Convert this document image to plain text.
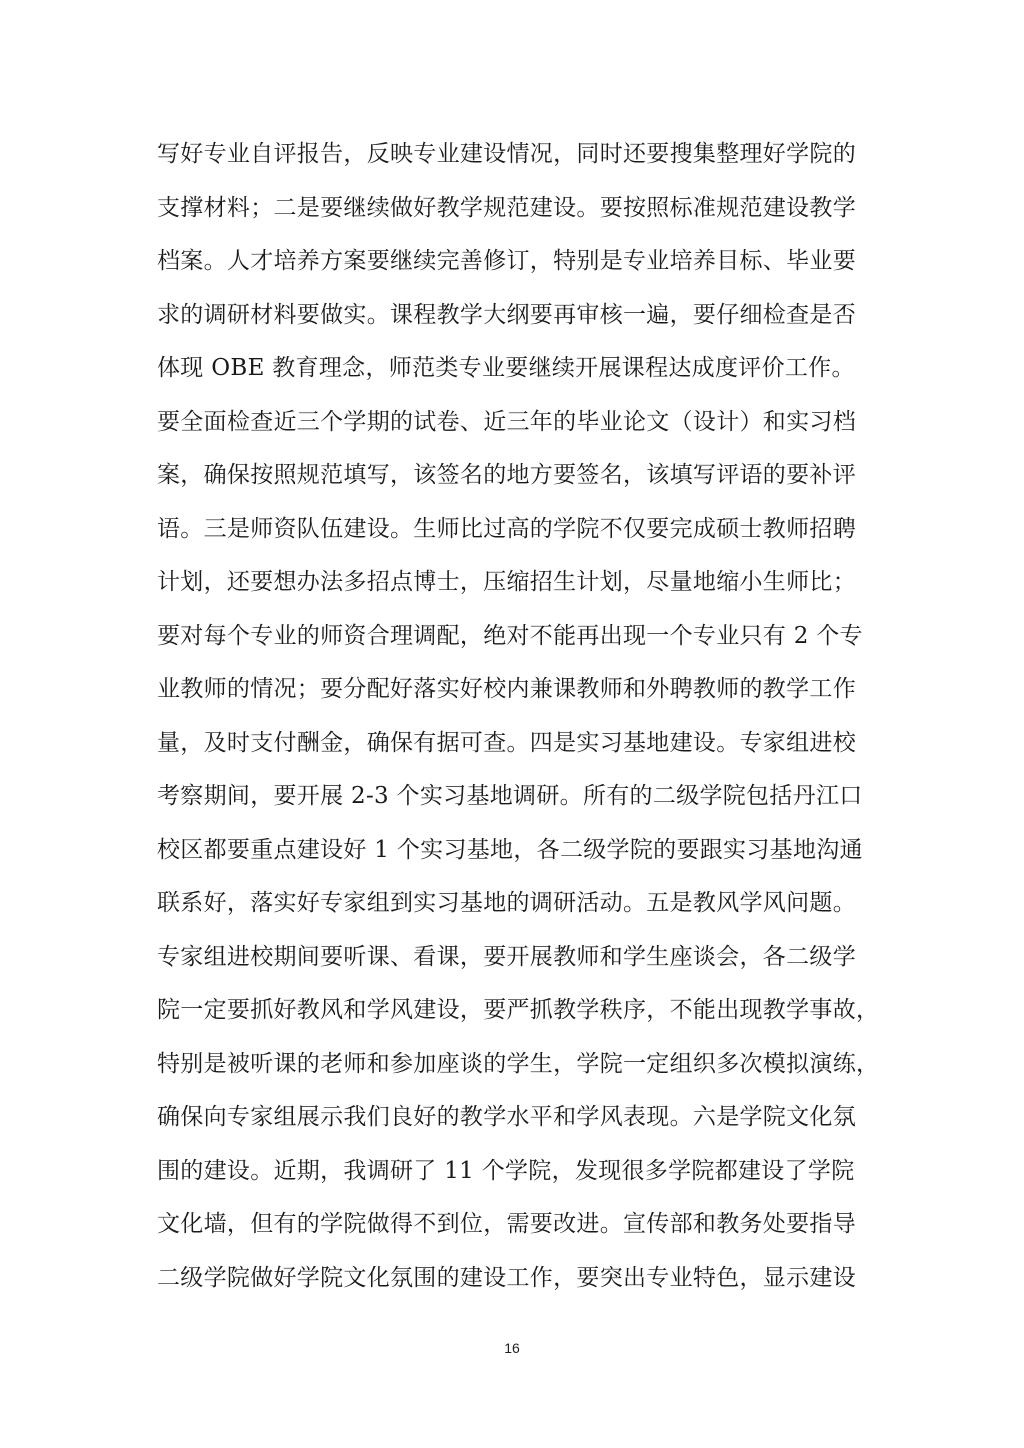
写好专业自评报告，反映专业建设情况，同时还要搜集整理好学院的
支撑材料；二是要继续做好教学规范建设。要按照标准规范建设教学
档案。人才培养方案要继续完善修订，特别是专业培养目标、毕业要
求的调研材料要做实。课程教学大纲要再审核一遍，要仔细检查是否
体现 OBE 教育理念，师范类专业要继续开展课程达成度评价工作。
要全面检查近三个学期的试卷、近三年的毕业论文（设计）和实习档
案，确保按照规范填写，该签名的地方要签名，该填写评语的要补评
语。三是师资队伍建设。生师比过高的学院不仅要完成硕士教师招聘
计划，还要想办法多招点博士，压缩招生计划，尽量地缩小生师比；
要对每个专业的师资合理调配，绝对不能再出现一个专业只有 2 个专
业教师的情况；要分配好落实好校内兼课教师和外聘教师的教学工作
量，及时支付酬金，确保有据可查。四是实习基地建设。专家组进校
考察期间，要开展 2-3 个实习基地调研。所有的二级学院包括丹江口
校区都要重点建设好 1 个实习基地，各二级学院的要跟实习基地沟通
联系好，落实好专家组到实习基地的调研活动。五是教风学风问题。
专家组进校期间要听课、看课，要开展教师和学生座谈会，各二级学
院一定要抓好教风和学风建设，要严抓教学秩序，不能出现教学事故，
特别是被听课的老师和参加座谈的学生，学院一定组织多次模拟演练，
确保向专家组展示我们良好的教学水平和学风表现。六是学院文化氛
围的建设。近期，我调研了 11 个学院，发现很多学院都建设了学院
文化墙，但有的学院做得不到位，需要改进。宣传部和教务处要指导
二级学院做好学院文化氛围的建设工作，要突出专业特色，显示建设
16
